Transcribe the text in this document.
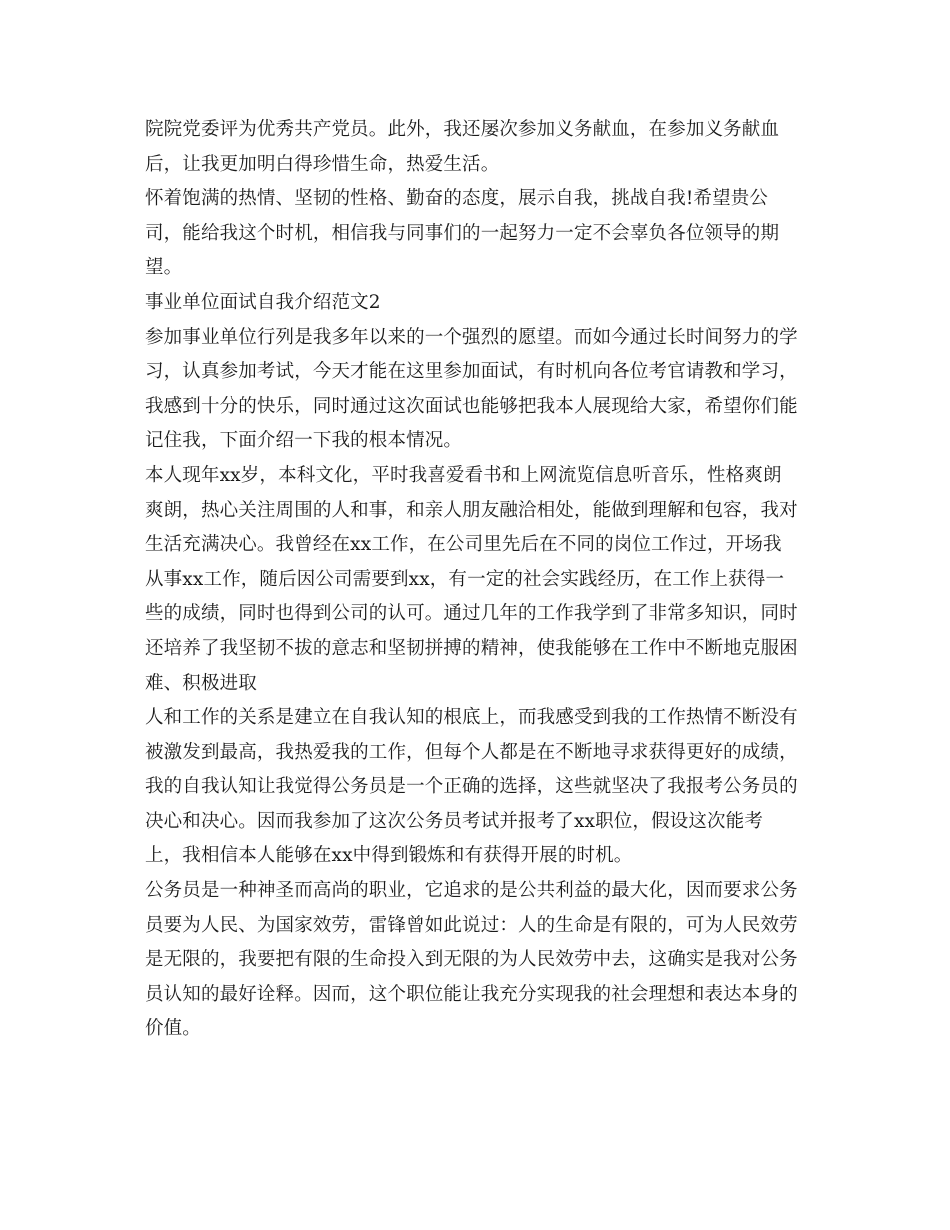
院院党委评为优秀共产党员。此外，我还屡次参加义务献血，在参加义务献血
后，让我更加明白得珍惜生命，热爱生活。
怀着饱满的热情、坚韧的性格、勤奋的态度，展示自我，挑战自我!希望贵公
司，能给我这个时机，相信我与同事们的一起努力一定不会辜负各位领导的期
望。
事业单位面试自我介绍范文2
参加事业单位行列是我多年以来的一个强烈的愿望。而如今通过长时间努力的学
习，认真参加考试，今天才能在这里参加面试，有时机向各位考官请教和学习，
我感到十分的快乐，同时通过这次面试也能够把我本人展现给大家，希望你们能
记住我，下面介绍一下我的根本情况。
本人现年xx岁，本科文化，平时我喜爱看书和上网流览信息听音乐，性格爽朗
爽朗，热心关注周围的人和事，和亲人朋友融洽相处，能做到理解和包容，我对
生活充满决心。我曾经在xx工作，在公司里先后在不同的岗位工作过，开场我
从事xx工作，随后因公司需要到xx，有一定的社会实践经历，在工作上获得一
些的成绩，同时也得到公司的认可。通过几年的工作我学到了非常多知识，同时
还培养了我坚韧不拔的意志和坚韧拼搏的精神，使我能够在工作中不断地克服困
难、积极进取
人和工作的关系是建立在自我认知的根底上，而我感受到我的工作热情不断没有
被激发到最高，我热爱我的工作，但每个人都是在不断地寻求获得更好的成绩，
我的自我认知让我觉得公务员是一个正确的选择，这些就坚决了我报考公务员的
决心和决心。因而我参加了这次公务员考试并报考了xx职位，假设这次能考
上，我相信本人能够在xx中得到锻炼和有获得开展的时机。
公务员是一种神圣而高尚的职业，它追求的是公共利益的最大化，因而要求公务
员要为人民、为国家效劳，雷锋曾如此说过：人的生命是有限的，可为人民效劳
是无限的，我要把有限的生命投入到无限的为人民效劳中去，这确实是我对公务
员认知的最好诠释。因而，这个职位能让我充分实现我的社会理想和表达本身的
价值。
